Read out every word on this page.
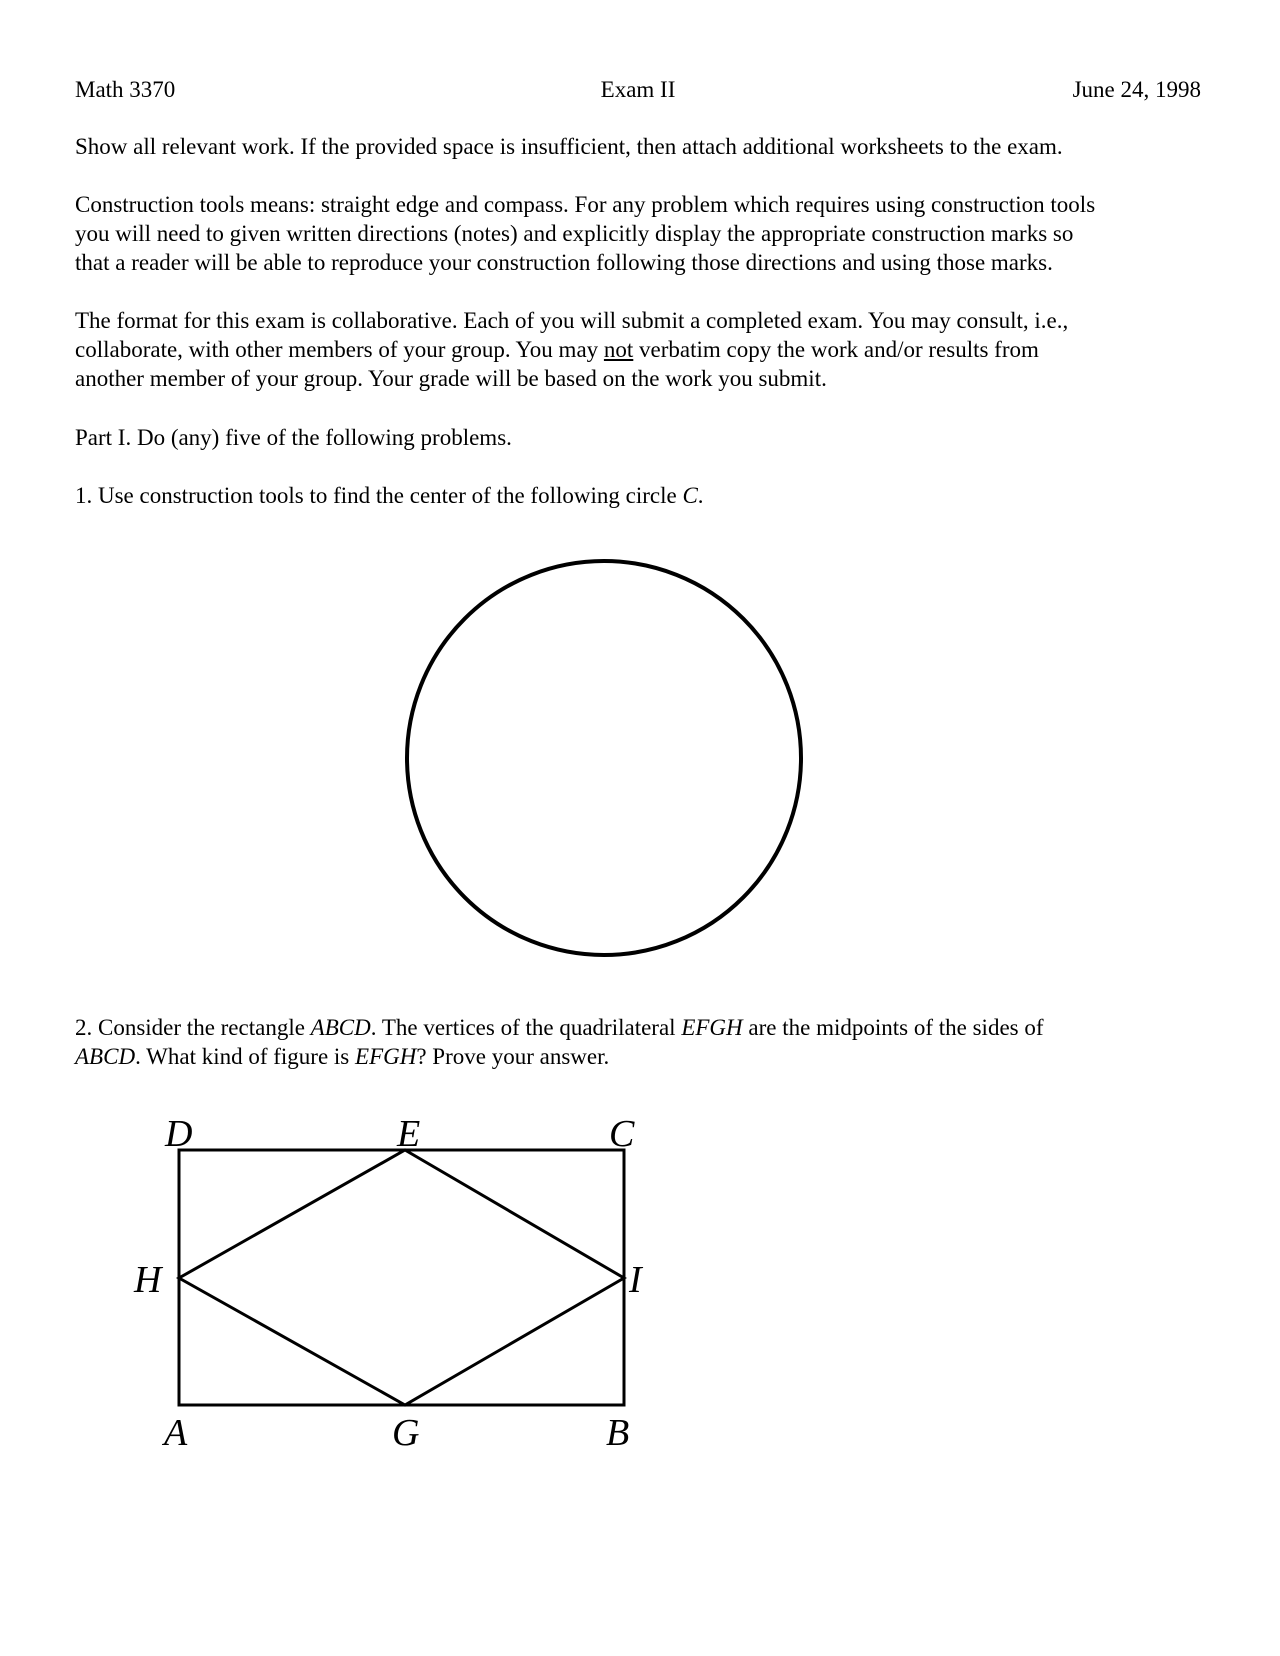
Math 3370	Exam II	June 24, 1998

Show all relevant work. If the provided space is insufficient, then attach additional worksheets to the exam.

Construction tools means: straight edge and compass. For any problem which requires using construction tools
you will need to given written directions (notes) and explicitly display the appropriate construction marks so
that a reader will be able to reproduce your construction following those directions and using those marks.

The format for this exam is collaborative. Each of you will submit a completed exam. You may consult, i.e.,
collaborate, with other members of your group. You may not verbatim copy the work and/or results from
another member of your group. Your grade will be based on the work you submit.

Part I. Do (any) five of the following problems.

1. Use construction tools to find the center of the following circle C.

2. Consider the rectangle ABCD. The vertices of the quadrilateral EFGH are the midpoints of the sides of
ABCD. What kind of figure is EFGH? Prove your answer.

D	E	C
H	I
A	G	B
